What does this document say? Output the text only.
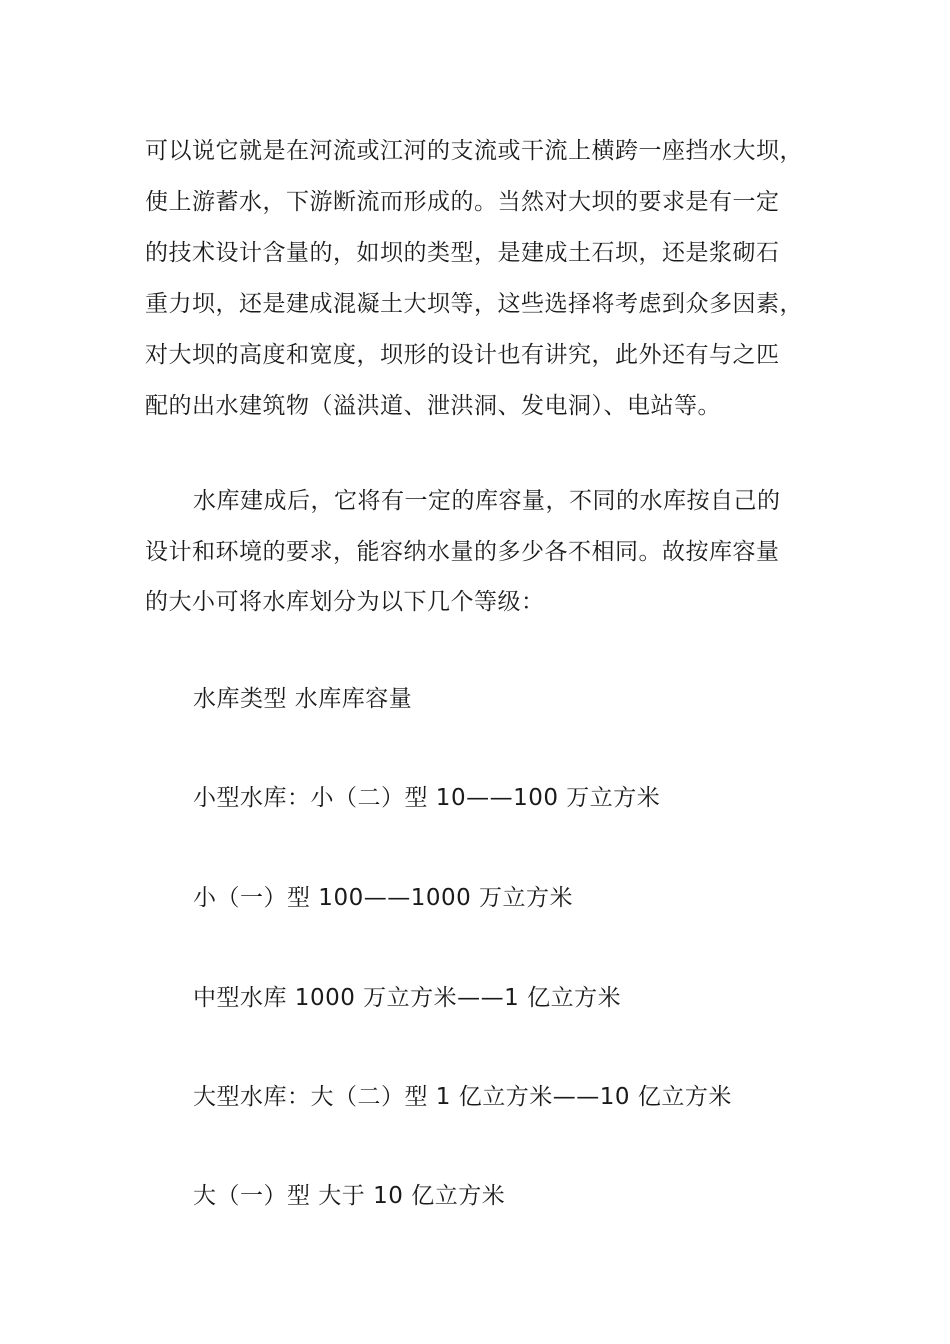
可以说它就是在河流或江河的支流或干流上横跨一座挡水大坝，
使上游蓄水，下游断流而形成的。当然对大坝的要求是有一定
的技术设计含量的，如坝的类型，是建成土石坝，还是浆砌石
重力坝，还是建成混凝土大坝等，这些选择将考虑到众多因素，
对大坝的高度和宽度，坝形的设计也有讲究，此外还有与之匹
配的出水建筑物（溢洪道、泄洪洞、发电洞）、电站等。
水库建成后，它将有一定的库容量，不同的水库按自己的
设计和环境的要求，能容纳水量的多少各不相同。故按库容量
的大小可将水库划分为以下几个等级：
水库类型 水库库容量
小型水库：小（二）型 10——100 万立方米
小（一）型 100——1000 万立方米
中型水库 1000 万立方米——1 亿立方米
大型水库：大（二）型 1 亿立方米——10 亿立方米
大（一）型 大于 10 亿立方米
